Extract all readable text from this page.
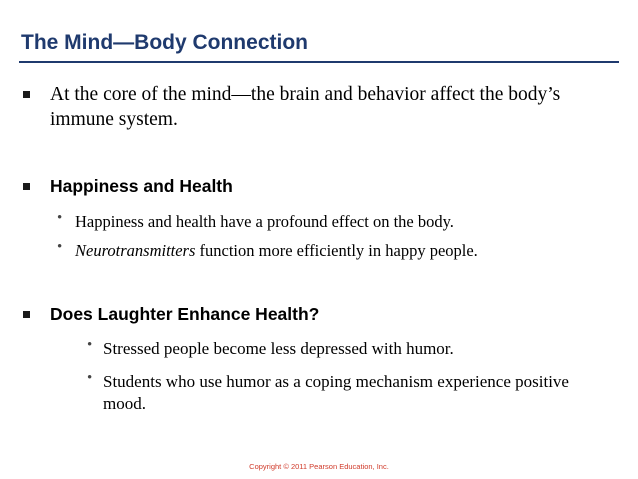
The Mind—Body Connection
At the core of the mind—the brain and behavior affect the body’s immune system.
Happiness and Health
• Happiness and health have a profound effect on the body.
• Neurotransmitters function more efficiently in happy people.
Does Laughter Enhance Health?
• Stressed people become less depressed with humor.
• Students who use humor as a coping mechanism experience positive mood.
Copyright © 2011 Pearson Education, Inc.
